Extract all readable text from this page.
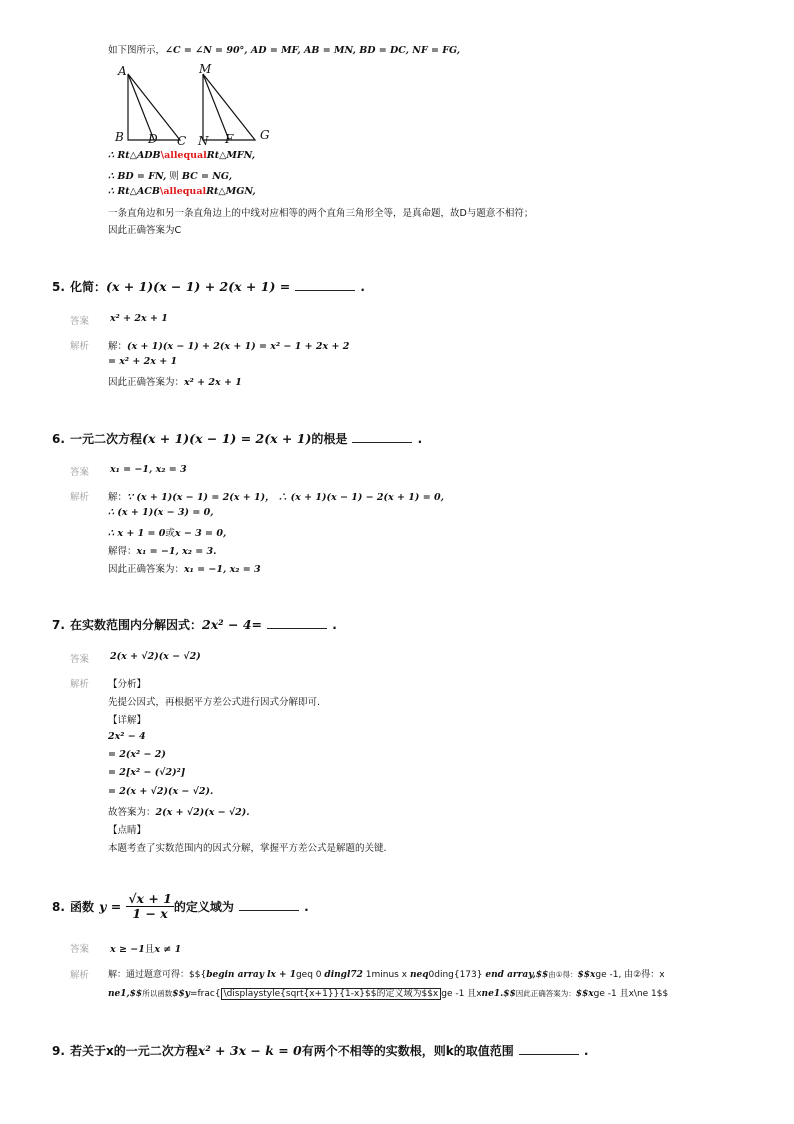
如下图所示，∠C = ∠N = 90°, AD = MF, AB = MN, BD = DC, NF = FG,
A	M
B D C N F G
∴ Rt△ADB\allequalRt△MFN,
∴ BD = FN, 则 BC = NG,
∴ Rt△ACB\allequalRt△MGN,
一条直角边和另一条直角边上的中线对应相等的两个直角三角形全等，是真命题，故D与题意不相符；
因此正确答案为C
5. 化简：(x + 1)(x − 1) + 2(x + 1) =	.
答案 x² + 2x + 1
解析 解：(x + 1)(x − 1) + 2(x + 1) = x² − 1 + 2x + 2
= x² + 2x + 1
因此正确答案为：x² + 2x + 1
6. 一元二次方程(x + 1)(x − 1) = 2(x + 1)的根是	.
答案 x₁ = −1, x₂ = 3
解析 解：∵ (x + 1)(x − 1) = 2(x + 1)， ∴ (x + 1)(x − 1) − 2(x + 1) = 0,
∴ (x + 1)(x − 3) = 0,
∴ x + 1 = 0或x − 3 = 0,
解得：x₁ = −1, x₂ = 3.
因此正确答案为：x₁ = −1, x₂ = 3
7. 在实数范围内分解因式：2x² − 4=	.
答案 2(x + √2)(x − √2)
解析 【分析】
先提公因式，再根据平方差公式进行因式分解即可.
【详解】
2x² − 4
= 2(x² − 2)
= 2[x² − (√2)²]
= 2(x + √2)(x − √2).
故答案为：2(x + √2)(x − √2).
【点睛】
本题考查了实数范围内的因式分解，掌握平方差公式是解题的关键.
8. 函数 $y = \frac{√x + 1}{1 - x}$ 的定义域为	.
x ≥ −1且x ≠ 1
答案
解析 解：通过题意可得：$${begin array lx + 1geq 0 dingl72 1minus x neq0ding{173} end array,$$由①得：$$xge -1, 由②得：x
ne1,$$所以函数$$y=frac{ \displaystyle{sqrt{x+1}}{1-x}$$的定义域为$$x ge -1 且xne1.$$因此正确答案为：$$xge -1 且x\ne 1$$
9. 若关于x的一元二次方程x² + 3x − k = 0有两个不相等的实数根，则k的取值范围	.
